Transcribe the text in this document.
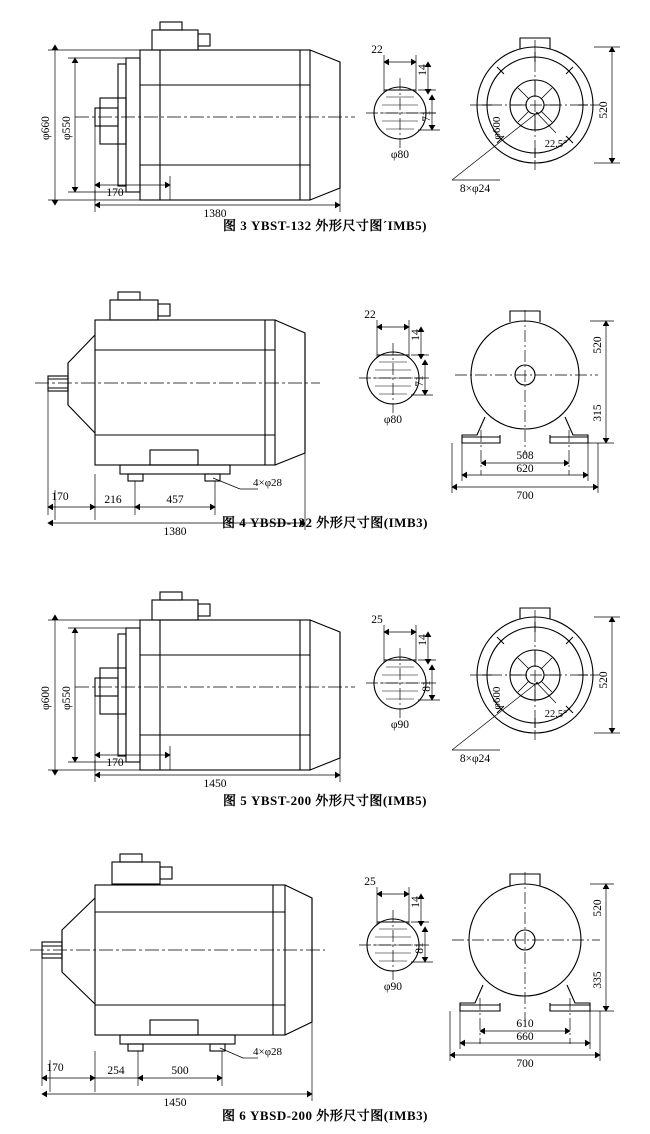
φ660 φ550
170
1380
22
14
71
φ80
520
φ600
22.5°
8×φ24
图 3 YBST-132 外形尺寸图´IMB5)
170	216	457
1380
4×φ28
22
14
71
φ80
520
315
508
620
700
图 4 YBSD-132 外形尺寸图(IMB3)
φ600 φ550
170
1450
25
14
81
φ90
520
φ600
22.5°
8×φ24
图 5 YBST-200 外形尺寸图(IMB5)
170	254	500
1450
4×φ28
25
14
81
φ90
520
335
610
660
700
图 6 YBSD-200 外形尺寸图(IMB3)
